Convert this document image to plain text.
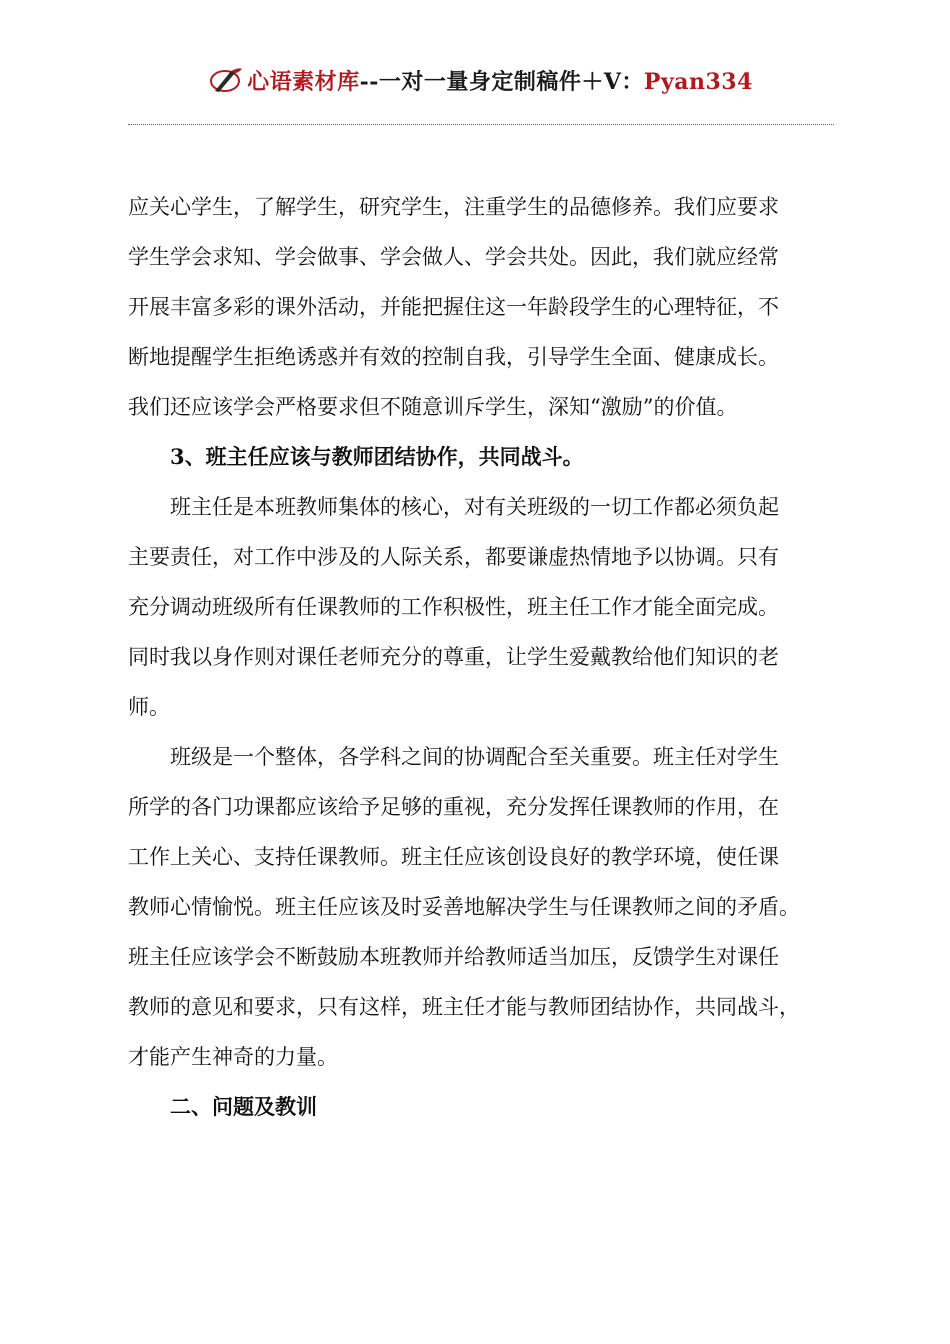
心语素材库--一对一量身定制稿件＋V：Pyan334
应关心学生，了解学生，研究学生，注重学生的品德修养。我们应要求
学生学会求知、学会做事、学会做人、学会共处。因此，我们就应经常
开展丰富多彩的课外活动，并能把握住这一年龄段学生的心理特征，不
断地提醒学生拒绝诱惑并有效的控制自我，引导学生全面、健康成长。
我们还应该学会严格要求但不随意训斥学生，深知“激励”的价值。
3、班主任应该与教师团结协作，共同战斗。
班主任是本班教师集体的核心，对有关班级的一切工作都必须负起
主要责任，对工作中涉及的人际关系，都要谦虚热情地予以协调。只有
充分调动班级所有任课教师的工作积极性，班主任工作才能全面完成。
同时我以身作则对课任老师充分的尊重，让学生爱戴教给他们知识的老
师。
班级是一个整体，各学科之间的协调配合至关重要。班主任对学生
所学的各门功课都应该给予足够的重视，充分发挥任课教师的作用，在
工作上关心、支持任课教师。班主任应该创设良好的教学环境，使任课
教师心情愉悦。班主任应该及时妥善地解决学生与任课教师之间的矛盾。
班主任应该学会不断鼓励本班教师并给教师适当加压，反馈学生对课任
教师的意见和要求，只有这样，班主任才能与教师团结协作，共同战斗，
才能产生神奇的力量。
二、问题及教训
